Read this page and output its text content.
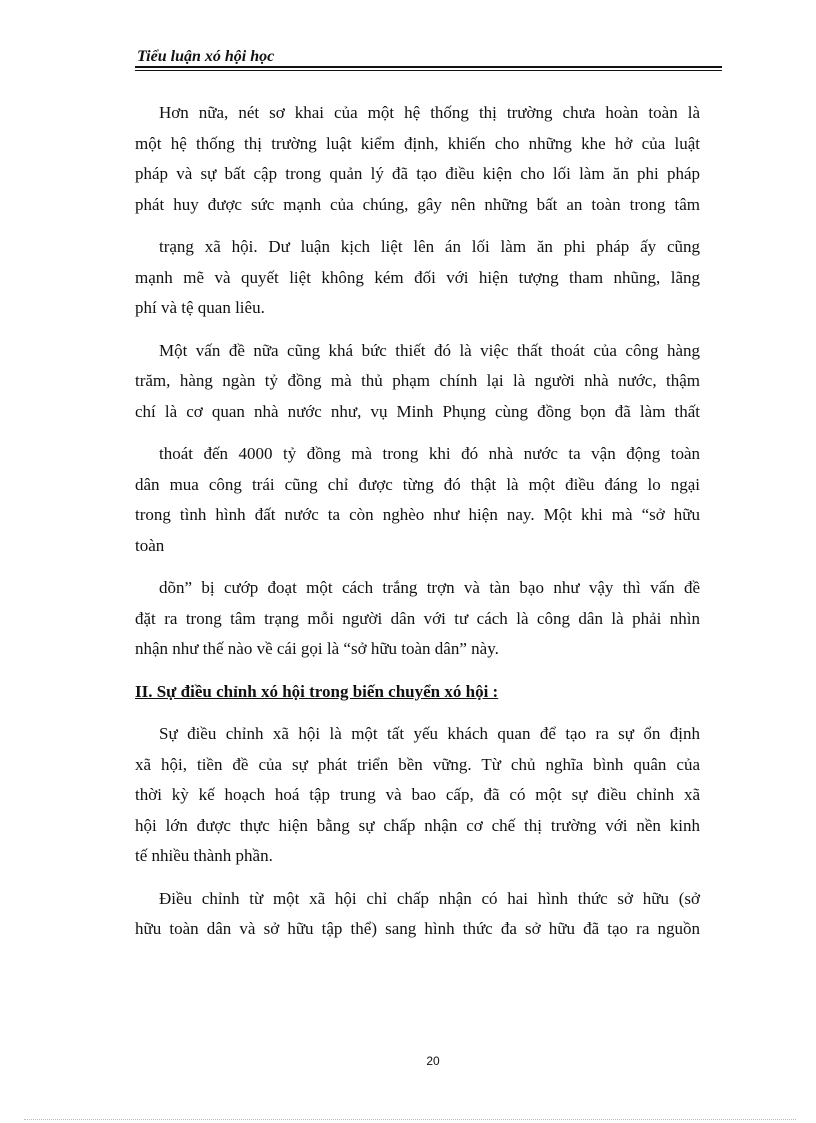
Tiểu luận xó hội học
Hơn nữa, nét sơ khai của một hệ thống thị trường chưa hoàn toàn là
một hệ thống thị trường luật kiểm định, khiến cho những khe hở của luật
pháp và sự bất cập trong quản lý đã tạo điều kiện cho lối làm ăn phi pháp
phát huy được sức mạnh của chúng, gây nên những bất an toàn trong tâm
trạng xã hội. Dư luận kịch liệt lên án lối làm ăn phi pháp ấy cũng
mạnh mẽ và quyết liệt không kém đối với hiện tượng tham nhũng, lãng
phí và tệ quan liêu.
Một vấn đề nữa cũng khá bức thiết đó là việc thất thoát của công hàng
trăm, hàng ngàn tỷ đồng mà thủ phạm chính lại là người nhà nước, thậm
chí là cơ quan nhà nước như, vụ Minh Phụng cùng đồng bọn đã làm thất
thoát đến 4000 tỷ đồng mà trong khi đó nhà nước ta vận động toàn
dân mua công trái cũng chỉ được từng đó thật là một điều đáng lo ngại
trong tình hình đất nước ta còn nghèo như hiện nay. Một khi mà “sở hữu
toàn
dõn” bị cướp đoạt một cách trắng trợn và tàn bạo như vậy thì vấn đề
đặt ra trong tâm trạng mỗi người dân với tư cách là công dân là phải nhìn
nhận như thế nào về cái gọi là “sở hữu toàn dân” này.
II. Sự điều chỉnh xó hội trong biến chuyển xó hội :
Sự điều chỉnh xã hội là một tất yếu khách quan để tạo ra sự ổn định
xã hội, tiền đề của sự phát triển bền vững. Từ chủ nghĩa bình quân của
thời kỳ kế hoạch hoá tập trung và bao cấp, đã có một sự điều chỉnh xã
hội lớn được thực hiện bằng sự chấp nhận cơ chế thị trường với nền kinh
tế nhiều thành phần.
Điều chỉnh từ một xã hội chỉ chấp nhận có hai hình thức sở hữu (sở
hữu toàn dân và sở hữu tập thể) sang hình thức đa sở hữu đã tạo ra nguồn
20
